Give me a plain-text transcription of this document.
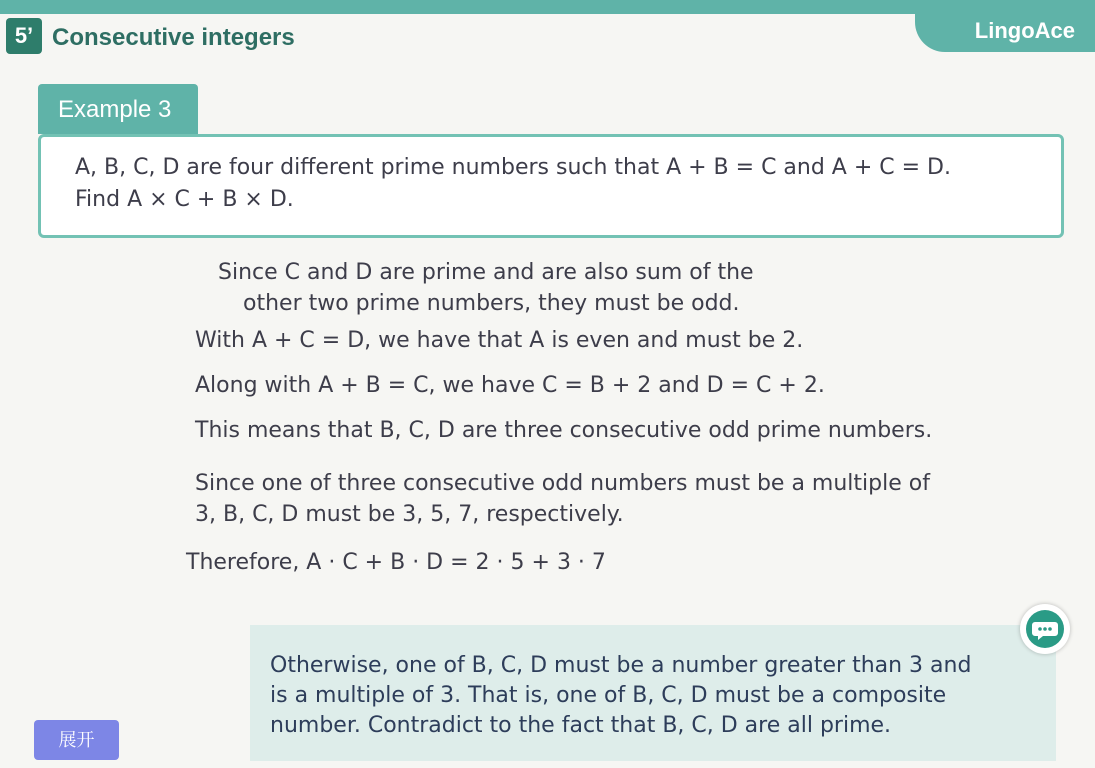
LingoAce
5’ Consecutive integers
Example 3
A, B, C, D are four different prime numbers such that A + B = C and A + C = D.
Find A × C + B × D.
Since C and D are prime and are also sum of the
other two prime numbers, they must be odd.
With A + C = D, we have that A is even and must be 2.
Along with A + B = C, we have C = B + 2 and D = C + 2.
This means that B, C, D are three consecutive odd prime numbers.
Since one of three consecutive odd numbers must be a multiple of
3, B, C, D must be 3, 5, 7, respectively.
Therefore, A · C + B · D = 2 · 5 + 3 · 7
Otherwise, one of B, C, D must be a number greater than 3 and
is a multiple of 3. That is, one of B, C, D must be a composite
number. Contradict to the fact that B, C, D are all prime.
展开
